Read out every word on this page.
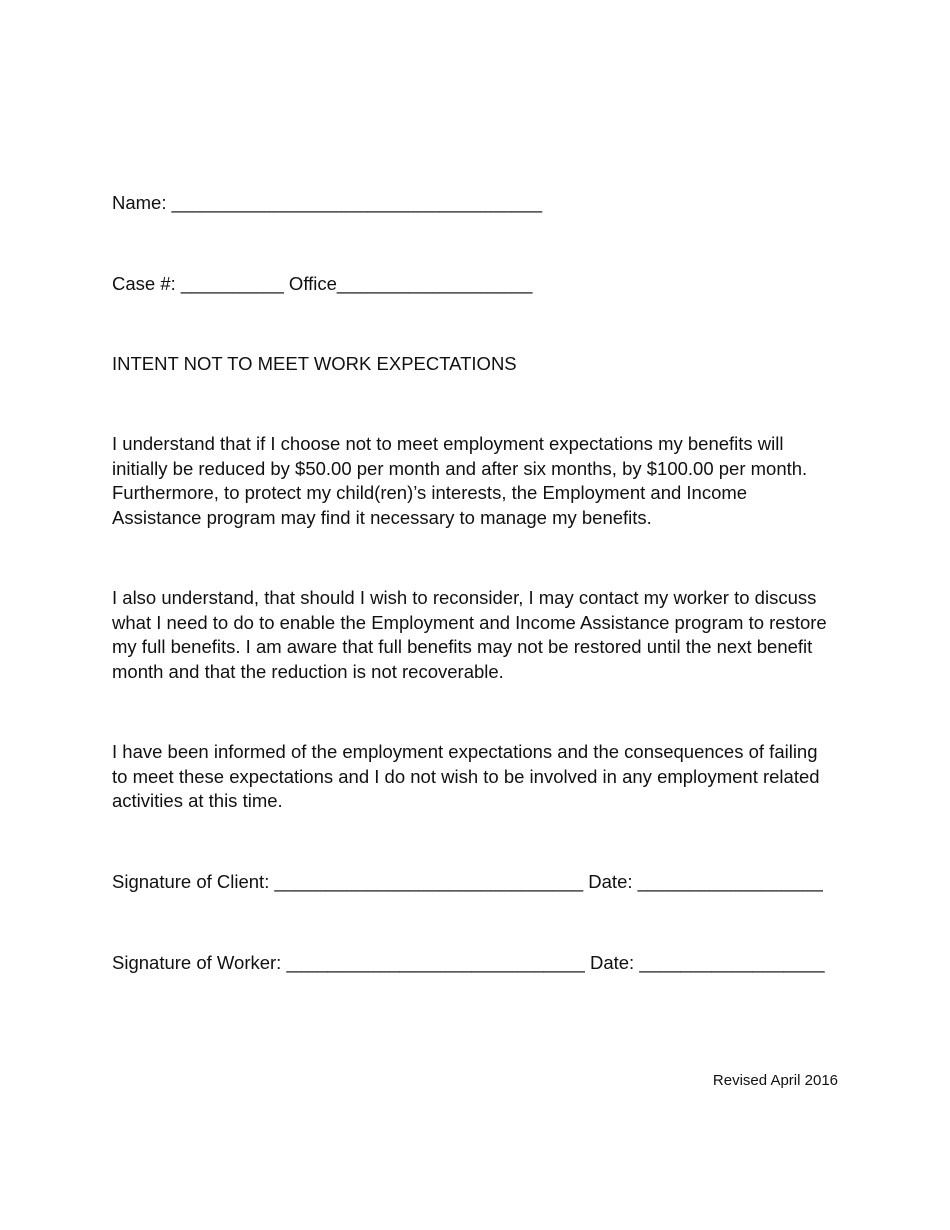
Name: ____________________________________
Case #: __________ Office___________________
INTENT NOT TO MEET WORK EXPECTATIONS

I understand that if I choose not to meet employment expectations my benefits will

initially be reduced by $50.00 per month and after six months, by $100.00 per month.

Furthermore, to protect my child(ren)’s interests, the Employment and Income

Assistance program may find it necessary to manage my benefits.

I also understand, that should I wish to reconsider, I may contact my worker to discuss

what I need to do to enable the Employment and Income Assistance program to restore

my full benefits. I am aware that full benefits may not be restored until the next benefit

month and that the reduction is not recoverable.

I have been informed of the employment expectations and the consequences of failing

to meet these expectations and I do not wish to be involved in any employment related

activities at this time.

Signature of Client: ______________________________ Date: __________________
Signature of Worker: _____________________________ Date: __________________
Revised April 2016
